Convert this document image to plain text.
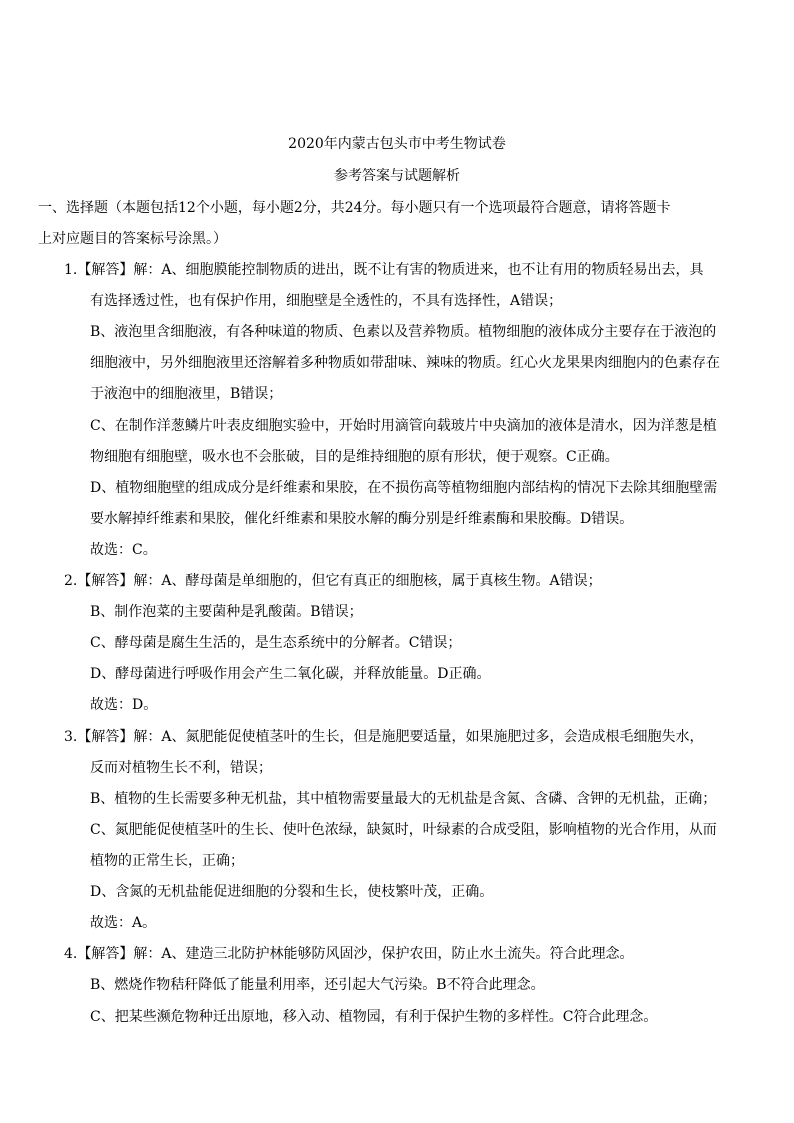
2020年内蒙古包头市中考生物试卷
参考答案与试题解析
一、选择题（本题包括12个小题，每小题2分，共24分。每小题只有一个选项最符合题意，请将答题卡
上对应题目的答案标号涂黑。）
1.【解答】解：A、细胞膜能控制物质的进出，既不让有害的物质进来，也不让有用的物质轻易出去，具
有选择透过性，也有保护作用，细胞壁是全透性的，不具有选择性，A错误；
B、液泡里含细胞液，有各种味道的物质、色素以及营养物质。植物细胞的液体成分主要存在于液泡的
细胞液中，另外细胞液里还溶解着多种物质如带甜味、辣味的物质。红心火龙果果肉细胞内的色素存在
于液泡中的细胞液里，B错误；
C、在制作洋葱鳞片叶表皮细胞实验中，开始时用滴管向载玻片中央滴加的液体是清水，因为洋葱是植
物细胞有细胞壁，吸水也不会胀破，目的是维持细胞的原有形状，便于观察。C正确。
D、植物细胞壁的组成成分是纤维素和果胶，在不损伤高等植物细胞内部结构的情况下去除其细胞壁需
要水解掉纤维素和果胶，催化纤维素和果胶水解的酶分别是纤维素酶和果胶酶。D错误。
故选：C。
2.【解答】解：A、酵母菌是单细胞的，但它有真正的细胞核，属于真核生物。A错误；
B、制作泡菜的主要菌种是乳酸菌。B错误；
C、酵母菌是腐生生活的，是生态系统中的分解者。C错误；
D、酵母菌进行呼吸作用会产生二氧化碳，并释放能量。D正确。
故选：D。
3.【解答】解：A、氮肥能促使植茎叶的生长，但是施肥要适量，如果施肥过多，会造成根毛细胞失水，
反而对植物生长不利，错误；
B、植物的生长需要多种无机盐，其中植物需要量最大的无机盐是含氮、含磷、含钾的无机盐，正确；
C、氮肥能促使植茎叶的生长、使叶色浓绿，缺氮时，叶绿素的合成受阻，影响植物的光合作用，从而
植物的正常生长，正确；
D、含氮的无机盐能促进细胞的分裂和生长，使枝繁叶茂，正确。
故选：A。
4.【解答】解：A、建造三北防护林能够防风固沙，保护农田，防止水土流失。符合此理念。
B、燃烧作物秸秆降低了能量利用率，还引起大气污染。B不符合此理念。
C、把某些濒危物种迁出原地，移入动、植物园，有利于保护生物的多样性。C符合此理念。
